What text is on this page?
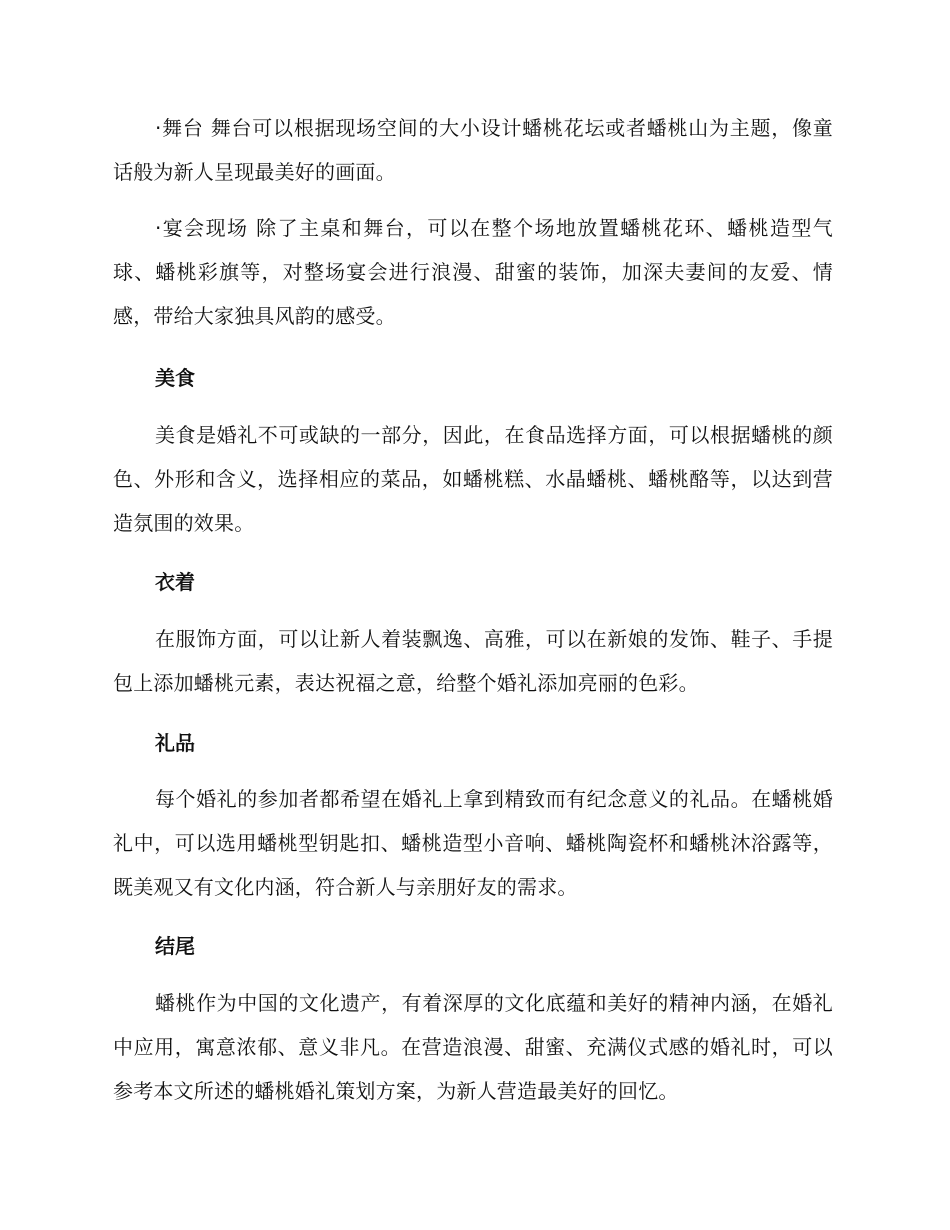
·舞台 舞台可以根据现场空间的大小设计蟠桃花坛或者蟠桃山为主题，像童话般为新人呈现最美好的画面。

·宴会现场 除了主桌和舞台，可以在整个场地放置蟠桃花环、蟠桃造型气球、蟠桃彩旗等，对整场宴会进行浪漫、甜蜜的装饰，加深夫妻间的友爱、情感，带给大家独具风韵的感受。

美食

美食是婚礼不可或缺的一部分，因此，在食品选择方面，可以根据蟠桃的颜色、外形和含义，选择相应的菜品，如蟠桃糕、水晶蟠桃、蟠桃酪等，以达到营造氛围的效果。

衣着

在服饰方面，可以让新人着装飘逸、高雅，可以在新娘的发饰、鞋子、手提包上添加蟠桃元素，表达祝福之意，给整个婚礼添加亮丽的色彩。

礼品

每个婚礼的参加者都希望在婚礼上拿到精致而有纪念意义的礼品。在蟠桃婚礼中，可以选用蟠桃型钥匙扣、蟠桃造型小音响、蟠桃陶瓷杯和蟠桃沐浴露等，既美观又有文化内涵，符合新人与亲朋好友的需求。

结尾

蟠桃作为中国的文化遗产，有着深厚的文化底蕴和美好的精神内涵，在婚礼中应用，寓意浓郁、意义非凡。在营造浪漫、甜蜜、充满仪式感的婚礼时，可以参考本文所述的蟠桃婚礼策划方案，为新人营造最美好的回忆。
